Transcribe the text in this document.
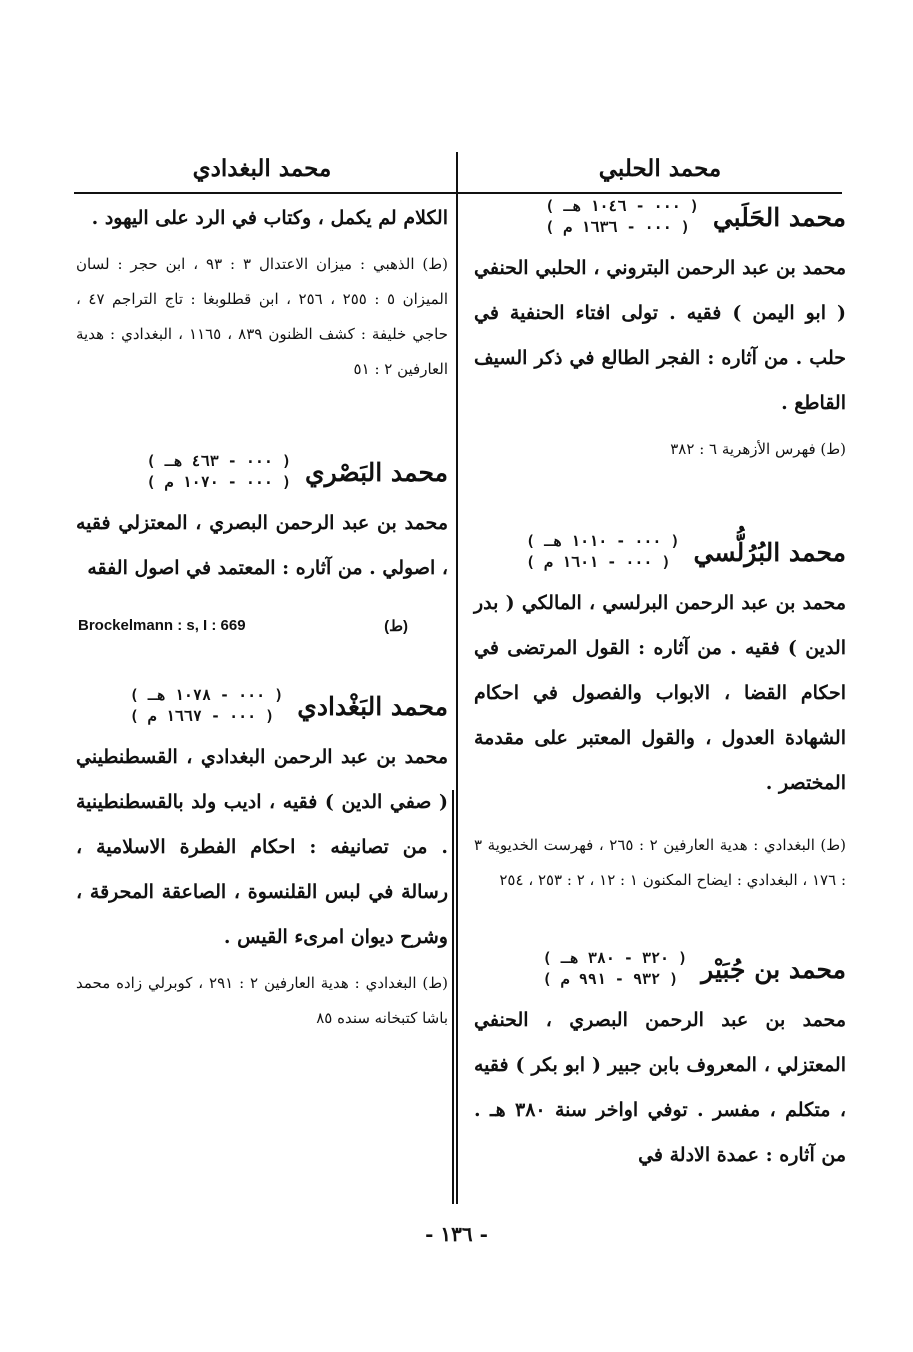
محمد الحلبي
محمد الحَلَبي
( ٠٠٠ - ١٠٤٦ هـ )
( ٠٠٠ - ١٦٣٦ م )
محمد بن عبد الرحمن البتروني ، الحلبي الحنفي ( ابو اليمن ) فقيه . تولى افتاء الحنفية في حلب . من آثاره : الفجر الطالع في ذكر السيف القاطع .
(ط) فهرس الأزهرية ٦ : ٣٨٢
محمد البُرُلُّسي
( ٠٠٠ - ١٠١٠ هـ )
( ٠٠٠ - ١٦٠١ م )
محمد بن عبد الرحمن البرلسي ، المالكي ( بدر الدين ) فقيه . من آثاره : القول المرتضى في احكام القضا ، الابواب والفصول في احكام الشهادة العدول ، والقول المعتبر على مقدمة المختصر .
(ط) البغدادي : هدية العارفين ٢ : ٢٦٥ ، فهرست الخديوية ٣ : ١٧٦ ، البغدادي : ايضاح المكنون ١ : ١٢ ، ٢ : ٢٥٣ ، ٢٥٤
محمد بن جُبَيْر
( ٣٢٠ - ٣٨٠ هـ )
( ٩٣٢ - ٩٩١ م )
محمد بن عبد الرحمن البصري ، الحنفي المعتزلي ، المعروف بابن جبير ( ابو بكر ) فقيه ، متكلم ، مفسر . توفي اواخر سنة ٣٨٠ هـ . من آثاره : عمدة الادلة في
محمد البغدادي
الكلام لم يكمل ، وكتاب في الرد على اليهود .
(ط) الذهبي : ميزان الاعتدال ٣ : ٩٣ ، ابن حجر : لسان الميزان ٥ : ٢٥٥ ، ٢٥٦ ، ابن قطلوبغا : تاج التراجم ٤٧ ، حاجي خليفة : كشف الظنون ٨٣٩ ، ١١٦٥ ، البغدادي : هدية العارفين ٢ : ٥١
محمد البَصْري
( ٠٠٠ - ٤٦٣ هـ )
( ٠٠٠ - ١٠٧٠ م )
محمد بن عبد الرحمن البصري ، المعتزلي فقيه ، اصولي . من آثاره : المعتمد في اصول الفقه
Brockelmann : s, I : 669	(ط)
محمد البَغْدادي
( ٠٠٠ - ١٠٧٨ هـ )
( ٠٠٠ - ١٦٦٧ م )
محمد بن عبد الرحمن البغدادي ، القسطنطيني ( صفي الدين ) فقيه ، اديب ولد بالقسطنطينية . من تصانيفه : احكام الفطرة الاسلامية ، رسالة في لبس القلنسوة ، الصاعقة المحرقة ، وشرح ديوان امرىء القيس .
(ط) البغدادي : هدية العارفين ٢ : ٢٩١ ، كوبرلي زاده محمد باشا كتبخانه سنده ٨٥
- ١٣٦ -
